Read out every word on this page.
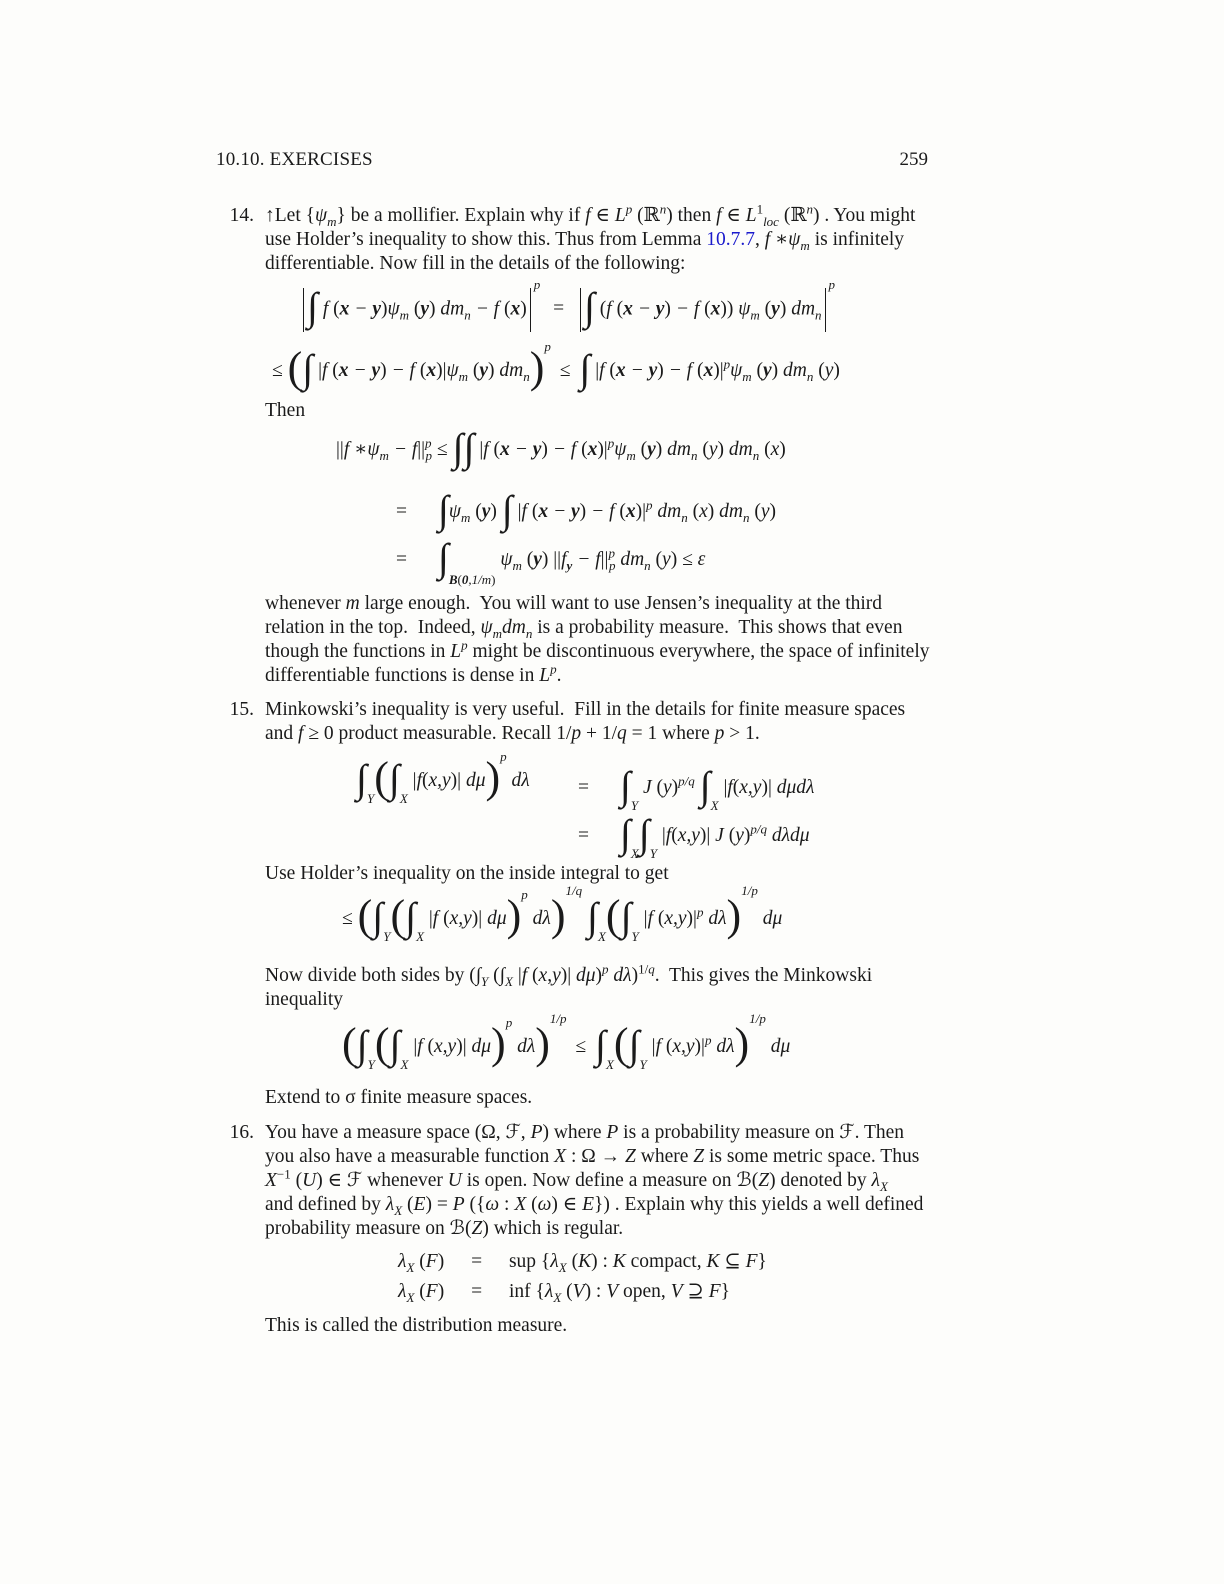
10.10. EXERCISES	259
14. ↑Let $\{\psi_m\}$ be a mollifier. Explain why if f ∈ $L^p$ (ℝ$^n$) then f ∈ $L^1_{loc}$ (ℝ$^n$) . You might
use Holder’s inequality to show this. Thus from Lemma 10.7.7, f $∗\psi_m$ is infinitely
differentiable. Now fill in the details of the following:
∫ f $(x - y)\psi_m$ (y) $dm_n - f$ $(x)^p$ = ∫ (f (x − y) − f (x)) $\psi_m$ (y) $dm_n^p$
≤ (∫ |f (x − y) − f $(x)|\psi_m$ (y) $dm_n)^p$ ≤ ∫ |f (x − y) − f $(x)|^p\psi_m$ (y) $dm_n$ (y)
Then
||f $∗\psi_m - f||^p_p$ ≤ ∫∫ |f (x − y) − f $(x)|^p\psi_m$ (y) $dm_n$ (y) $dm_n$ (x)
= $\int\psi_m$ (y) ∫ |f (x − y) − f $(x)|^p$ $dm_n$ (x) $dm_n$ (y)
= $\int_{B(0,1/m)}$ $\psi_m$ (y) $||f_y - f||^p_p$ $dm_n$ (y) ≤ ε
whenever m large enough.  You will want to use Jensen’s inequality at the third
relation in the top.  Indeed, $\psi_mdm_n$ is a probability measure.  This shows that even
though the functions in $L^p$ might be discontinuous everywhere, the space of infinitely
differentiable functions is dense in $L^p$.
15. Minkowski’s inequality is very useful.  Fill in the details for finite measure spaces
and f ≥ 0 product measurable. Recall 1/p + 1/q = 1 where p > 1.
$\int_Y(\int_X$ |f(x,y)| dμ)$^p$ $d\lambda = \int_Y$ J $(y)^{p/q}$ $\int_X$ |f(x,y)| dμdλ
= $\int_X\int_Y$ |f(x,y)| J $(y)^{p/q}$ dλdμ
Use Holder’s inequality on the inside integral to get
≤ ($\int_Y(\int_X$ |f (x,y)| dμ)$^p$ dλ)$^{1/q}$ $\int_X(\int_Y$ |f $(x,y)|^p$ dλ)$^{1/p}$ dμ
Now divide both sides by ($\int_Y$ ($\int_X$ |f (x,y)| dμ)$^p$ dλ)$^{1/q}$.  This gives the Minkowski
inequality
($\int_Y(\int_X$ |f (x,y)| dμ)$^p$ $d\lambda)^{1/p} \le \int_X(\int_Y$ |f $(x,y)|^p$ dλ)$^{1/p}$ dμ
Extend to σ finite measure spaces.
16. You have a measure space (Ω, ℱ, P) where P is a probability measure on ℱ. Then
you also have a measurable function X : Ω → Z where Z is some metric space. Thus
$X^{-1}$ (U) ∈ ℱ whenever U is open. Now define a measure on ℬ(Z) denoted by $\lambda_X$
and defined by $\lambda_X$ (E) = P ({ω : X (ω) ∈ E}) . Explain why this yields a well defined
probability measure on ℬ(Z) which is regular.
$\lambda_X$ (F) = sup {$\lambda_X$ (K) : K compact, K ⊆ F}
$\lambda_X$ (F) = inf {$\lambda_X$ (V) : V open, V ⊇ F}
This is called the distribution measure.
